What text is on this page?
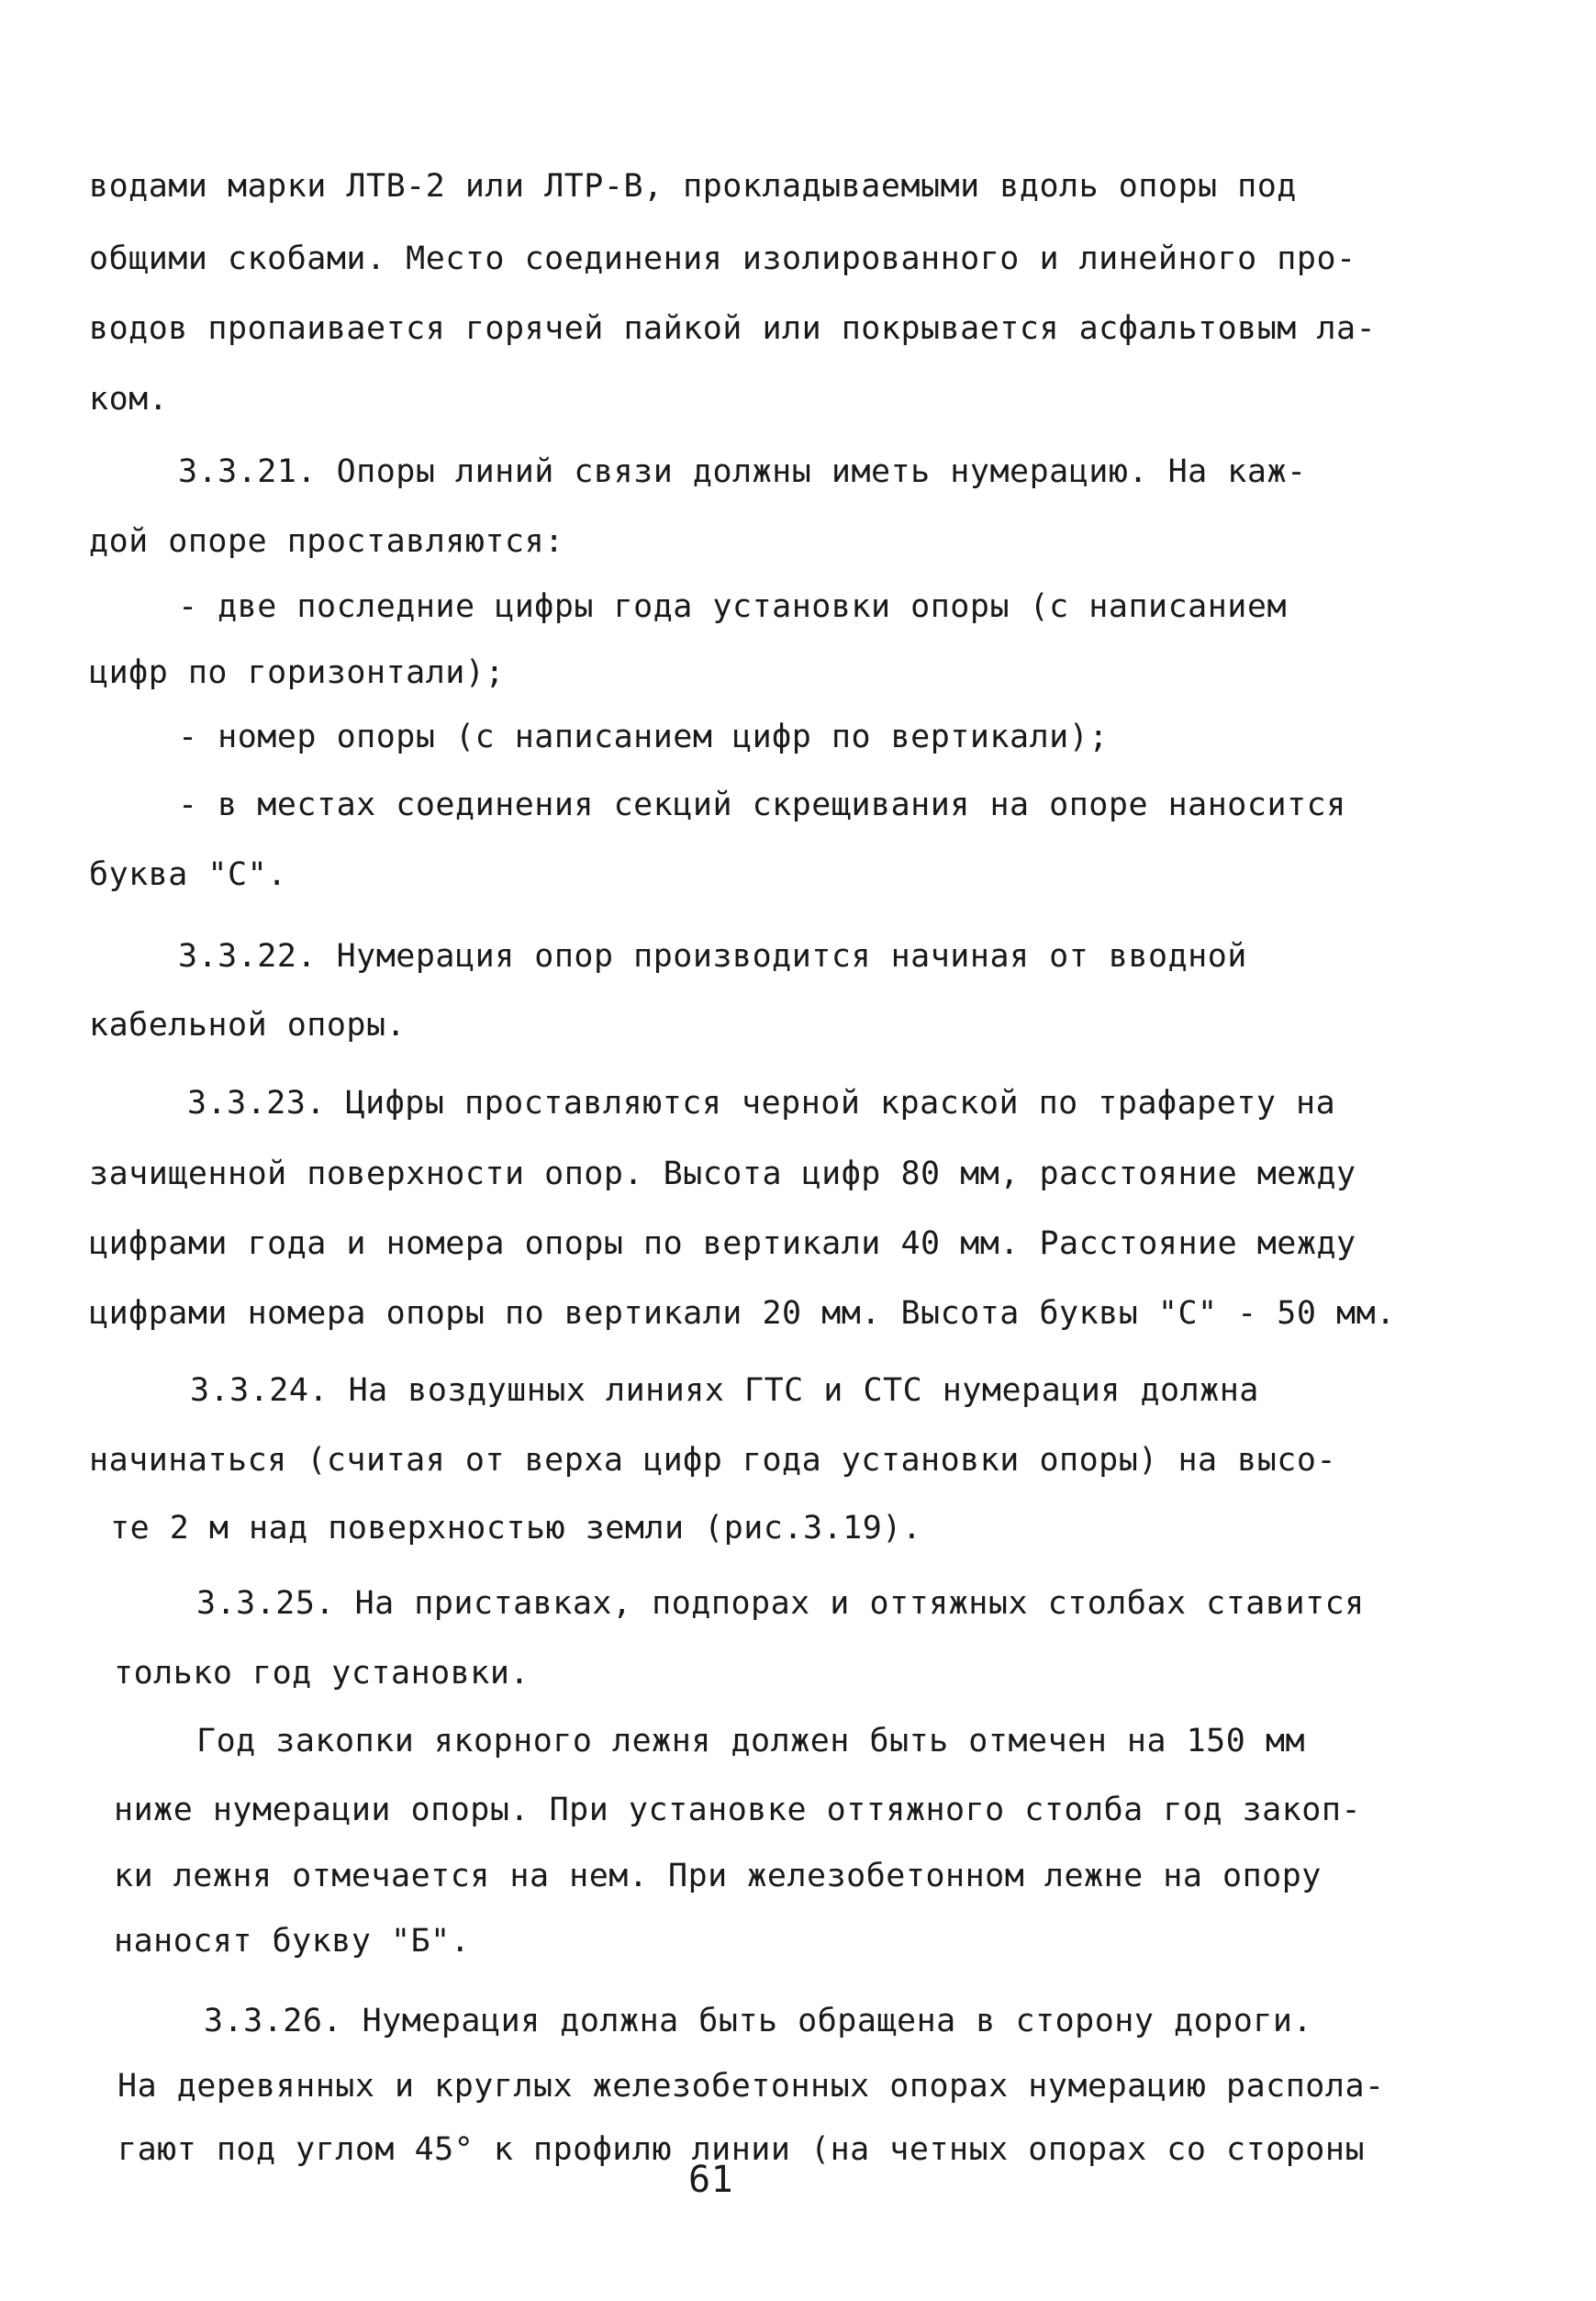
водами марки ЛТВ-2 или ЛТР-В, прокладываемыми вдоль опоры под
общими скобами. Место соединения изолированного и линейного про-
водов пропаивается горячей пайкой или покрывается асфальтовым ла-
ком.
3.3.21. Опоры линий связи должны иметь нумерацию. На каж-
дой опоре проставляются:
- две последние цифры года установки опоры (с написанием
цифр по горизонтали);
- номер опоры (с написанием цифр по вертикали);
- в местах соединения секций скрещивания на опоре наносится
буква "С".
3.3.22. Нумерация опор производится начиная от вводной
кабельной опоры.
3.3.23. Цифры проставляются черной краской по трафарету на
зачищенной поверхности опор. Высота цифр 80 мм, расстояние между
цифрами года и номера опоры по вертикали 40 мм. Расстояние между
цифрами номера опоры по вертикали 20 мм. Высота буквы "С" - 50 мм.
3.3.24. На воздушных линиях ГТС и СТС нумерация должна
начинаться (считая от верха цифр года установки опоры) на высо-
те 2 м над поверхностью земли (рис.3.19).
3.3.25. На приставках, подпорах и оттяжных столбах ставится
только год установки.
Год закопки якорного лежня должен быть отмечен на 150 мм
ниже нумерации опоры. При установке оттяжного столба год закоп-
ки лежня отмечается на нем. При железобетонном лежне на опору
наносят букву "Б".
3.3.26. Нумерация должна быть обращена в сторону дороги.
На деревянных и круглых железобетонных опорах нумерацию распола-
гают под углом 45° к профилю линии (на четных опорах со стороны
61
